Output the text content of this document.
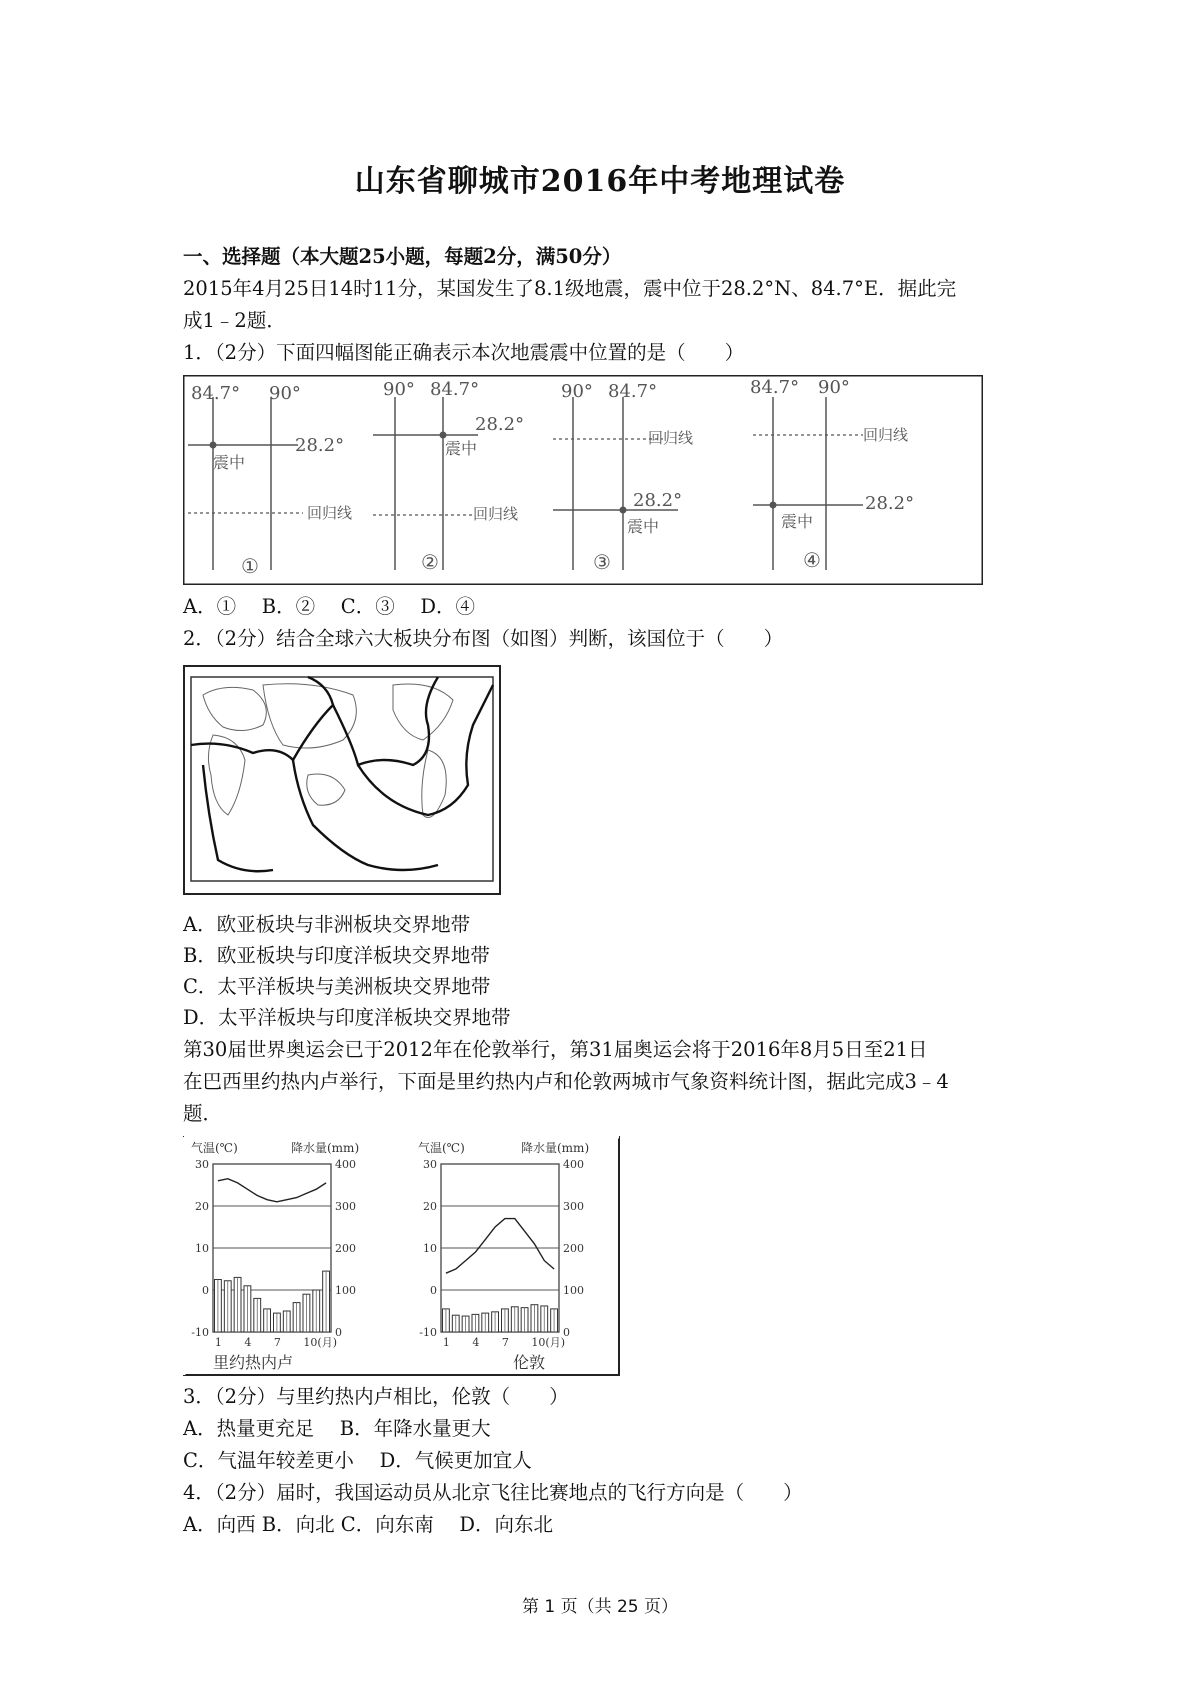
山东省聊城市2016年中考地理试卷
一、选择题（本大题25小题，每题2分，满50分）
2015年4月25日14时11分，某国发生了8.1级地震，震中位于28.2°N、84.7°E．据此完
成1﹣2题．
1．（2分）下面四幅图能正确表示本次地震震中位置的是（　　）
84.7° 90°
28.2°
震中
回归线
①
90° 84.7°
28.2°
震中
回归线
②
90° 84.7°
回归线
28.2°
震中
③
84.7° 90°
回归线
28.2°
震中
④
A．①　 B．②　 C．③　 D．④
2．（2分）结合全球六大板块分布图（如图）判断，该国位于（　　）
A．欧亚板块与非洲板块交界地带
B．欧亚板块与印度洋板块交界地带
C．太平洋板块与美洲板块交界地带
D．太平洋板块与印度洋板块交界地带
第30届世界奥运会已于2012年在伦敦举行，第31届奥运会将于2016年8月5日至21日
在巴西里约热内卢举行，下面是里约热内卢和伦敦两城市气象资料统计图，据此完成3﹣4
题．
气温(℃)	降水量(mm)
里约热内卢
30
20
10
0
-10
400
300
200
100
0
1 4 7 10(月)
气温(℃)	降水量(mm)
伦敦
30
20
10
0
-10
400
300
200
100
0
1 4 7 10(月)
3．（2分）与里约热内卢相比，伦敦（　　）
A．热量更充足　 B．年降水量更大
C．气温年较差更小　 D．气候更加宜人
4．（2分）届时，我国运动员从北京飞往比赛地点的飞行方向是（　　）
A．向西 B．向北 C．向东南　 D．向东北
第 1 页（共 25 页）
